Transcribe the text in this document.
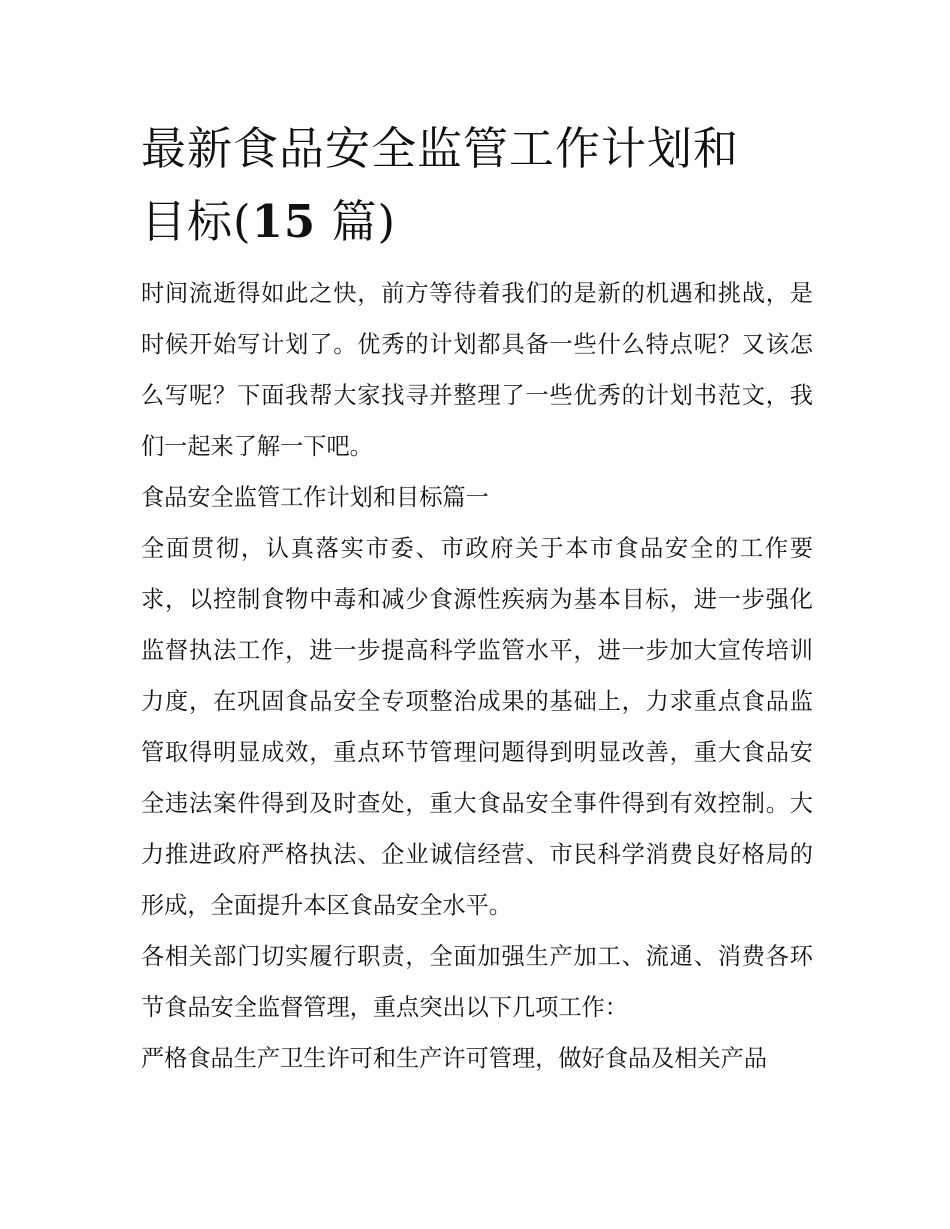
最新食品安全监管工作计划和
目标(15 篇)

时间流逝得如此之快，前方等待着我们的是新的机遇和挑战，是时候开始写计划了。优秀的计划都具备一些什么特点呢？又该怎么写呢？下面我帮大家找寻并整理了一些优秀的计划书范文，我们一起来了解一下吧。

食品安全监管工作计划和目标篇一

全面贯彻，认真落实市委、市政府关于本市食品安全的工作要求，以控制食物中毒和减少食源性疾病为基本目标，进一步强化监督执法工作，进一步提高科学监管水平，进一步加大宣传培训力度，在巩固食品安全专项整治成果的基础上，力求重点食品监管取得明显成效，重点环节管理问题得到明显改善，重大食品安全违法案件得到及时查处，重大食品安全事件得到有效控制。大力推进政府严格执法、企业诚信经营、市民科学消费良好格局的形成，全面提升本区食品安全水平。

各相关部门切实履行职责，全面加强生产加工、流通、消费各环节食品安全监督管理，重点突出以下几项工作：

严格食品生产卫生许可和生产许可管理，做好食品及相关产品
